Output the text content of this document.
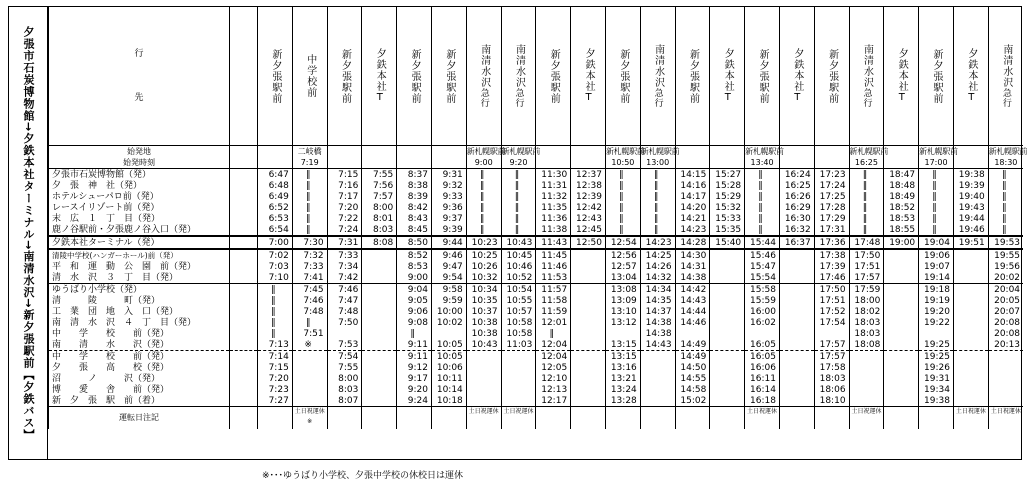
夕張市石炭博物館→夕鉄本社ターミナル→南清水沢→新夕張駅前【夕鉄バス】	行

先		新夕張駅前	中学校前	新夕張駅前	夕鉄本社T	新夕張駅前	新夕張駅前	南清水沢急行	南清水沢急行	新夕張駅前	夕鉄本社T	新夕張駅前	南清水沢急行	新夕張駅前	夕鉄本社T	新夕張駅前	夕鉄本社T	新夕張駅前	南清水沢急行	夕鉄本社T	新夕張駅前	夕鉄本社T	南清水沢急行
始発地			二岐橋					新札幌駅前	新札幌駅前			新札幌駅前	新札幌駅前			新札幌駅前			新札幌駅前		新札幌駅前		新札幌駅前
始発時刻			7:19					9:00	9:20			10:50	13:00			13:40			16:25		17:00		18:30
夕張市石炭博物館（発）		6:47	‖	7:15	7:55	8:37	9:31	‖	‖	11:30	12:37	‖	‖	14:15	15:27	‖	16:24	17:23	‖	18:47	‖	19:38	‖
夕　張　神　社（発）		6:48	‖	7:16	7:56	8:38	9:32	‖	‖	11:31	12:38	‖	‖	14:16	15:28	‖	16:25	17:24	‖	18:48	‖	19:39	‖
ホテルシューパロ前（発）		6:49	‖	7:17	7:57	8:39	9:33	‖	‖	11:32	12:39	‖	‖	14:17	15:29	‖	16:26	17:25	‖	18:49	‖	19:40	‖
レースイリゾート前（発）		6:52	‖	7:20	8:00	8:42	9:36	‖	‖	11:35	12:42	‖	‖	14:20	15:32	‖	16:29	17:28	‖	18:52	‖	19:43	‖
末　広　１　丁　目（発）		6:53	‖	7:22	8:01	8:43	9:37	‖	‖	11:36	12:43	‖	‖	14:21	15:33	‖	16:30	17:29	‖	18:53	‖	19:44	‖
鹿ノ谷駅前・夕張鹿ノ谷入口（発）		6:54	‖	7:24	8:03	8:45	9:39	‖	‖	11:38	12:45	‖	‖	14:23	15:35	‖	16:32	17:31	‖	18:55	‖	19:46	‖
夕鉄本社ターミナル（発）		7:00	7:30	7:31	8:08	8:50	9:44	10:23	10:43	11:43	12:50	12:54	14:23	14:28	15:40	15:44	16:37	17:36	17:48	19:00	19:04	19:51	19:53
清陵中学校(ハンガーホール)前（発）		7:02	7:32	7:33		8:52	9:46	10:25	10:45	11:45		12:56	14:25	14:30		15:46		17:38	17:50		19:06		19:55
平　和　運　動　公　園　前（発）		7:03	7:33	7:34		8:53	9:47	10:26	10:46	11:46		12:57	14:26	14:31		15:47		17:39	17:51		19:07		19:56
清　水　沢　３　丁　目（発）		7:10	7:41	7:42		9:00	9:54	10:32	10:52	11:53		13:04	14:32	14:38		15:54		17:46	17:57		19:14		20:02
ゆうばり小学校（発）		‖	7:45	7:46		9:04	9:58	10:34	10:54	11:57		13:08	14:34	14:42		15:58		17:50	17:59		19:18		20:04
清　　　陵　　　町（発）		‖	7:46	7:47		9:05	9:59	10:35	10:55	11:58		13:09	14:35	14:43		15:59		17:51	18:00		19:19		20:05
工　業　団　地　入　口（発）		‖	7:48	7:48		9:06	10:00	10:37	10:57	11:59		13:10	14:37	14:44		16:00		17:52	18:02		19:20		20:07
南　清　水　沢　４　丁　目（発）		‖	‖	7:50		9:08	10:02	10:38	10:58	12:01		13:12	14:38	14:46		16:02		17:54	18:03		19:22		20:08
中　　学　　校　　前（発）		‖	7:51			‖		10:38	10:58	‖			14:38						18:03				20:08
南　　清　　水　　沢（発）		7:13	※	7:53		9:11	10:05	10:43	11:03	12:04		13:15	14:43	14:49		16:05		17:57	18:08		19:25		20:13
中　　学　　校　　前（発）		7:14		7:54		9:11	10:05			12:04		13:15		14:49		16:05		17:57			19:25		
夕　　張　　高　　校（発）		7:15		7:55		9:12	10:06			12:05		13:16		14:50		16:06		17:58			19:26		
沼　　　ノ　　　沢（発）		7:20		8:00		9:17	10:11			12:10		13:21		14:55		16:11		18:03			19:31		
博　　愛　　舎　　前（発）		7:23		8:03		9:20	10:14			12:13		13:24		14:58		16:14		18:06			19:34		
新　夕　張　駅　前（着）		7:27		8:07		9:24	10:18			12:17		13:28		15:02		16:18		18:10			19:38		
運転日注記			土日祝運休
※					土日祝運休	土日祝運休							土日祝運休			土日祝運休			土日祝運休	土日祝運休
※･･･ゆうばり小学校、夕張中学校の休校日は運休
